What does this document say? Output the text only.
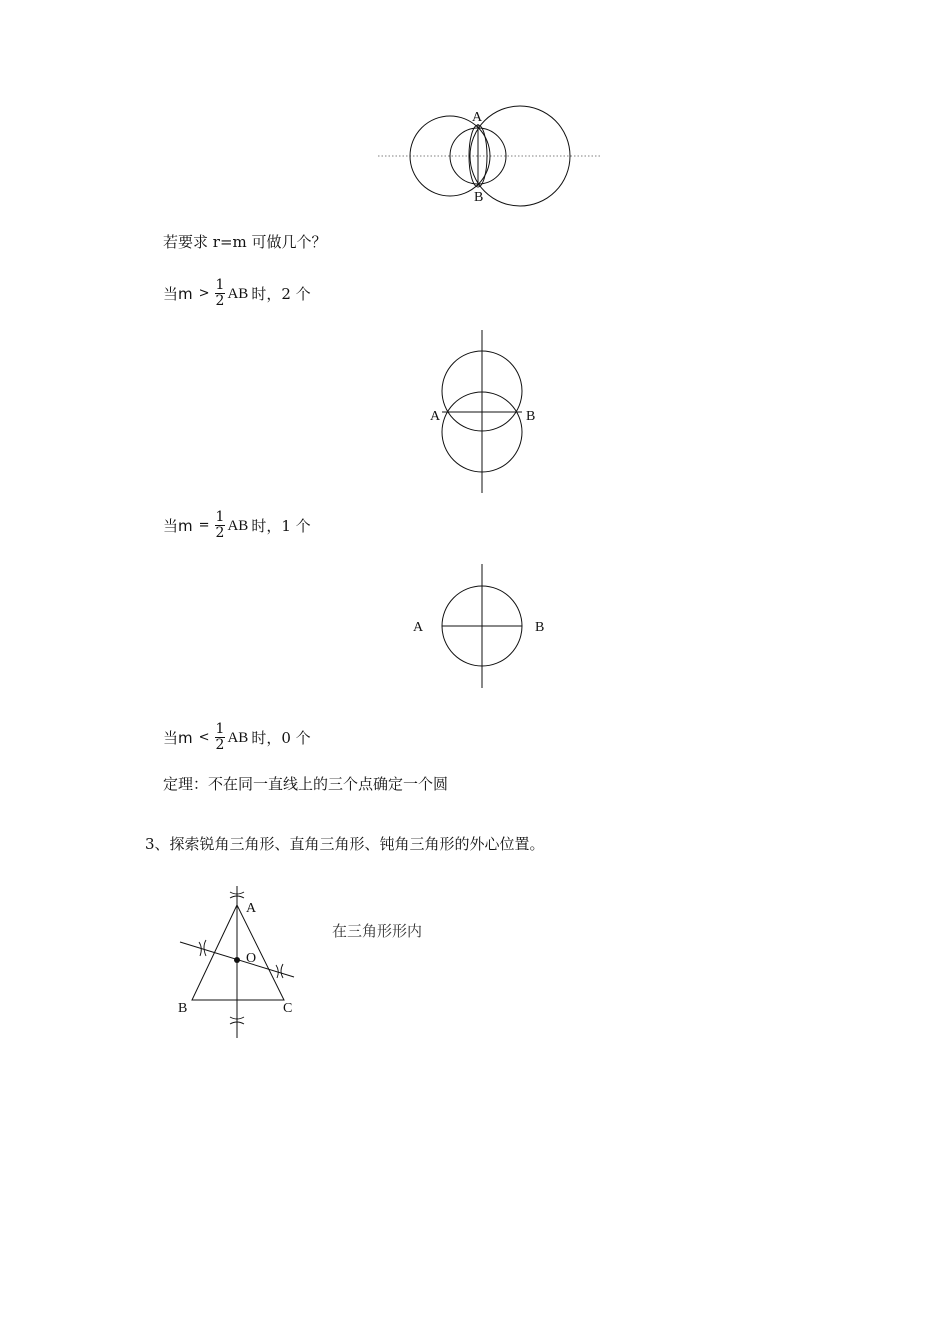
A
B
若要求 r=m 可做几个？
当 $m > \frac{1}{2}$ AB 时，2 个
A	B
当 $m = \frac{1}{2}$ AB 时，1 个
A	B
当 $m < \frac{1}{2}$ AB 时，0 个
定理：不在同一直线上的三个点确定一个圆
3、探索锐角三角形、直角三角形、钝角三角形的外心位置。
A
O
B	C
在三角形形内
